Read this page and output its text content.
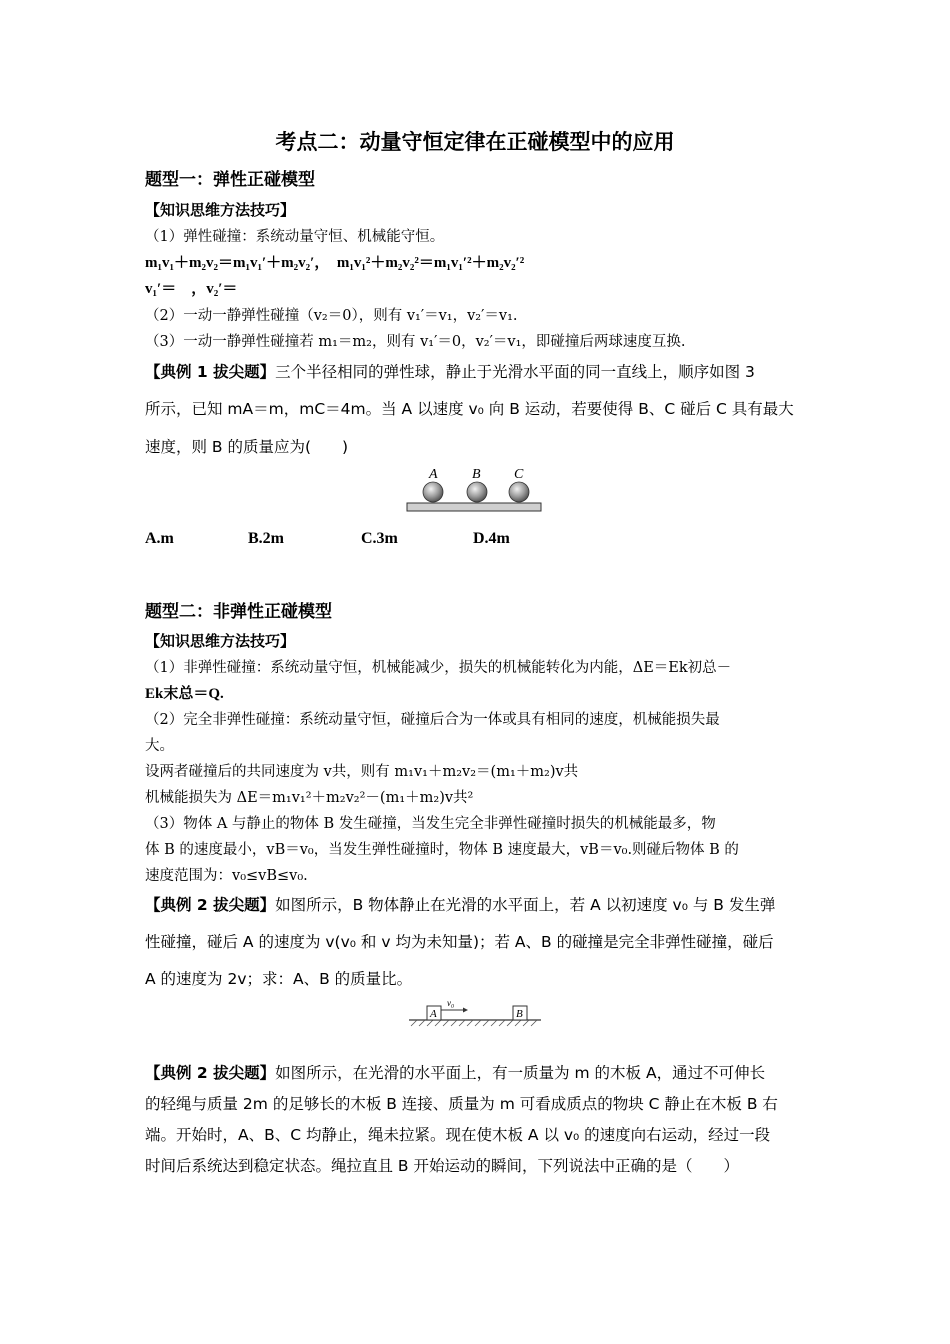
考点二：动量守恒定律在正碰模型中的应用
题型一：弹性正碰模型
【知识思维方法技巧】
（1）弹性碰撞：系统动量守恒、机械能守恒。
m₁v₁＋m₂v₂＝m₁v₁′＋m₂v₂′，　m₁v₁²＋m₂v₂²＝m₁v₁′²＋m₂v₂′²
v₁′＝　，v₂′＝
（2）一动一静弹性碰撞（v₂＝0），则有 v₁′＝v₁，v₂′＝v₁.
（3）一动一静弹性碰撞若 m₁＝m₂，则有 v₁′＝0，v₂′＝v₁，即碰撞后两球速度互换.
【典例 1 拔尖题】三个半径相同的弹性球，静止于光滑水平面的同一直线上，顺序如图 3
所示，已知 mA＝m，mC＝4m。当 A 以速度 v₀ 向 B 运动，若要使得 B、C 碰后 C 具有最大
速度，则 B 的质量应为(　　)
A B C
A.m	B.2m	C.3m	D.4m
题型二：非弹性正碰模型
【知识思维方法技巧】
（1）非弹性碰撞：系统动量守恒，机械能减少，损失的机械能转化为内能，ΔE＝Ek初总－
Ek末总＝Q.
（2）完全非弹性碰撞：系统动量守恒，碰撞后合为一体或具有相同的速度，机械能损失最
大。
设两者碰撞后的共同速度为 v共，则有 m₁v₁＋m₂v₂＝(m₁＋m₂)v共
机械能损失为 ΔE＝m₁v₁²＋m₂v₂²－(m₁＋m₂)v共²
（3）物体 A 与静止的物体 B 发生碰撞，当发生完全非弹性碰撞时损失的机械能最多，物
体 B 的速度最小，vB＝v₀，当发生弹性碰撞时，物体 B 速度最大，vB＝v₀.则碰后物体 B 的
速度范围为：v₀≤vB≤v₀.
【典例 2 拔尖题】如图所示，B 物体静止在光滑的水平面上，若 A 以初速度 v₀ 与 B 发生弹
性碰撞，碰后 A 的速度为 v(v₀ 和 v 均为未知量)；若 A、B 的碰撞是完全非弹性碰撞，碰后
A 的速度为 2v；求：A、B 的质量比。
A	B
v₀
【典例 2 拔尖题】如图所示，在光滑的水平面上，有一质量为 m 的木板 A，通过不可伸长
的轻绳与质量 2m 的足够长的木板 B 连接、质量为 m 可看成质点的物块 C 静止在木板 B 右
端。开始时，A、B、C 均静止，绳未拉紧。现在使木板 A 以 v₀ 的速度向右运动，经过一段
时间后系统达到稳定状态。绳拉直且 B 开始运动的瞬间，下列说法中正确的是（　　）
